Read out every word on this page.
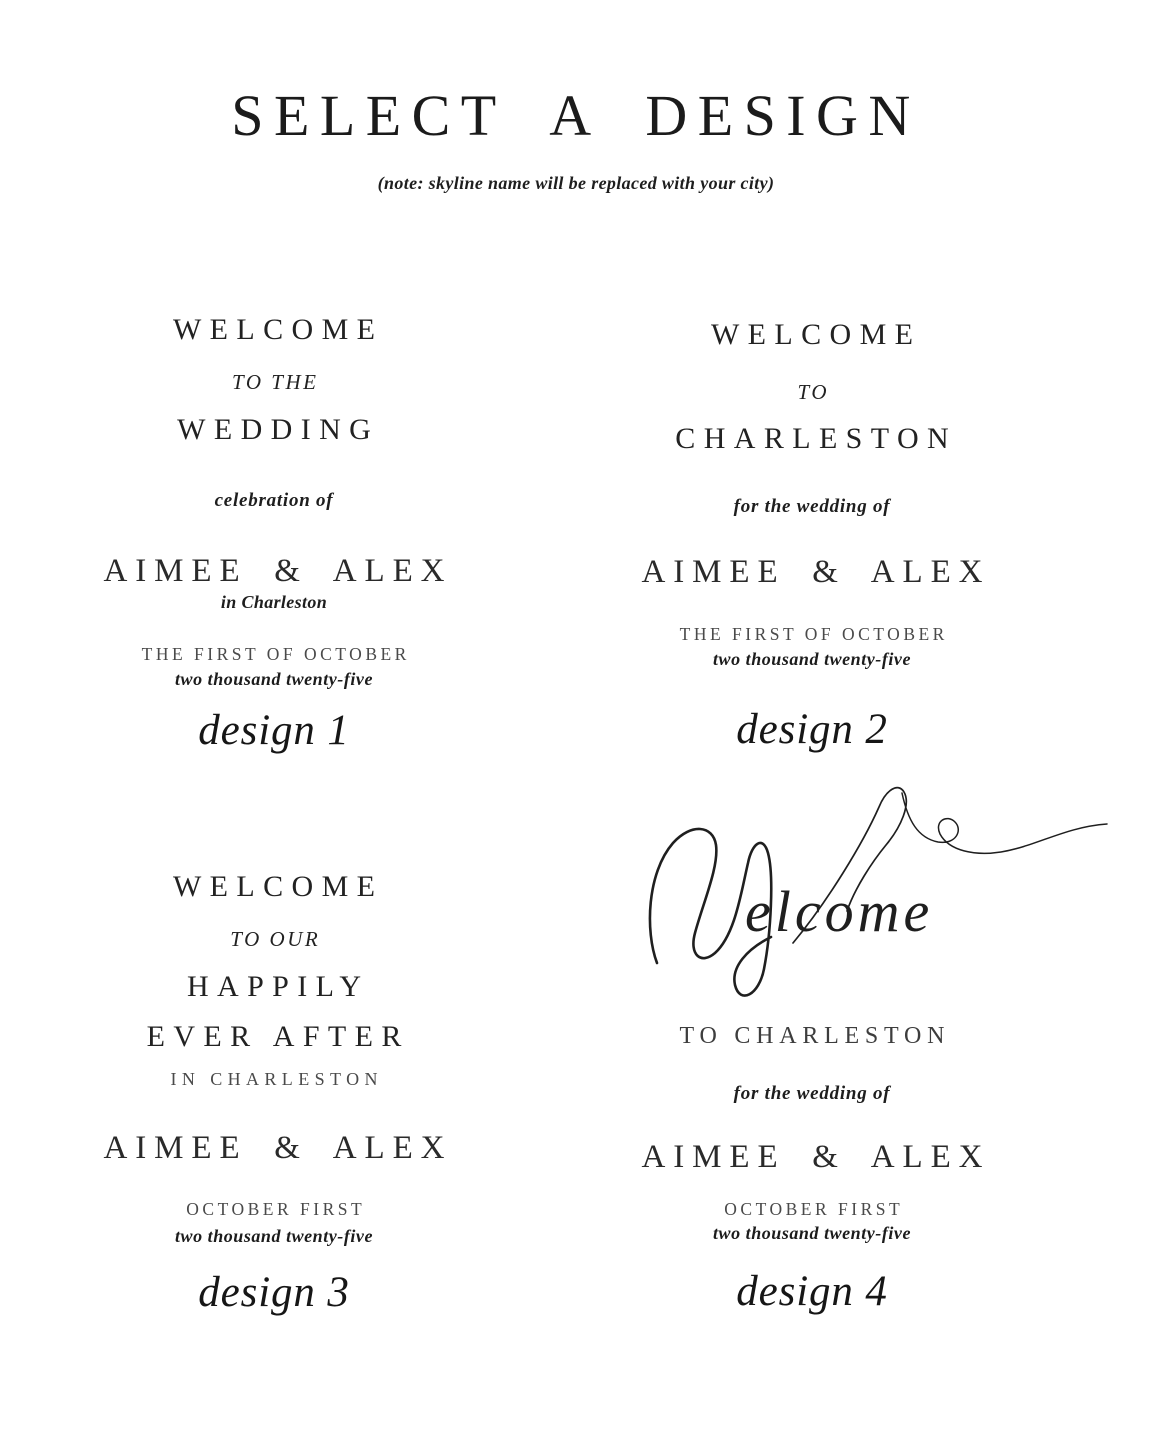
SELECT A DESIGN
(note: skyline name will be replaced with your city)
WELCOME
TO THE
WEDDING
celebration of
AIMEE & ALEX
in Charleston
THE FIRST OF OCTOBER
two thousand twenty-five
design 1
WELCOME
TO
CHARLESTON
for the wedding of
AIMEE & ALEX
THE FIRST OF OCTOBER
two thousand twenty-five
design 2
WELCOME
TO OUR
HAPPILY
EVER AFTER
IN CHARLESTON
AIMEE & ALEX
OCTOBER FIRST
two thousand twenty-five
design 3
elcome
TO CHARLESTON
for the wedding of
AIMEE & ALEX
OCTOBER FIRST
two thousand twenty-five
design 4
